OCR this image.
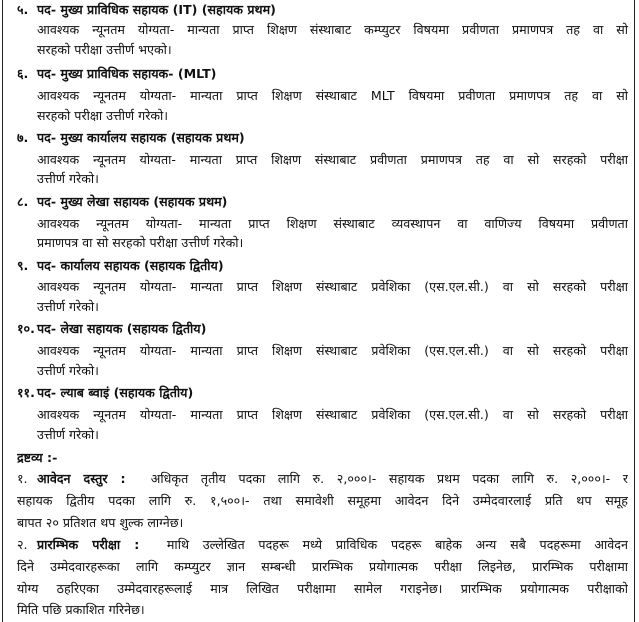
५. पद- मुख्य प्राविधिक सहायक (IT) (सहायक प्रथम)
आवश्यक न्यूनतम योग्यता- मान्यता प्राप्त शिक्षण संस्थाबाट कम्प्युटर विषयमा प्रवीणता प्रमाणपत्र तह वा सो
सरहको परीक्षा उत्तीर्ण भएको।
६. पद- मुख्य प्राविधिक सहायक- (MLT)
आवश्यक न्यूनतम योग्यता- मान्यता प्राप्त शिक्षण संस्थाबाट MLT विषयमा प्रवीणता प्रमाणपत्र तह वा सो
सरहको परीक्षा उत्तीर्ण गरेको।
७. पद- मुख्य कार्यालय सहायक (सहायक प्रथम)
आवश्यक न्यूनतम योग्यता- मान्यता प्राप्त शिक्षण संस्थाबाट प्रवीणता प्रमाणपत्र तह वा सो सरहको परीक्षा
उत्तीर्ण गरेको।
८. पद- मुख्य लेखा सहायक (सहायक प्रथम)
आवश्यक न्यूनतम योग्यता- मान्यता प्राप्त शिक्षण संस्थाबाट व्यवस्थापन वा वाणिज्य विषयमा प्रवीणता
प्रमाणपत्र वा सो सरहको परीक्षा उत्तीर्ण गरेको।
९. पद- कार्यालय सहायक (सहायक द्वितीय)
आवश्यक न्यूनतम योग्यता- मान्यता प्राप्त शिक्षण संस्थाबाट प्रवेशिका (एस.एल.सी.) वा सो सरहको परीक्षा
उत्तीर्ण गरेको।
१०. पद- लेखा सहायक (सहायक द्वितीय)
आवश्यक न्यूनतम योग्यता- मान्यता प्राप्त शिक्षण संस्थाबाट प्रवेशिका (एस.एल.सी.) वा सो सरहको परीक्षा
उत्तीर्ण गरेको।
११. पद- ल्याब ब्वाइं (सहायक द्वितीय)
आवश्यक न्यूनतम योग्यता- मान्यता प्राप्त शिक्षण संस्थाबाट प्रवेशिका (एस.एल.सी.) वा सो सरहको परीक्षा
उत्तीर्ण गरेको।
द्रष्टव्य :-
१. आवेदन दस्तुर : अधिकृत तृतीय पदका लागि रु. २,०००।- सहायक प्रथम पदका लागि रु. २,०००।- र
सहायक द्वितीय पदका लागि रु. १,५००।- तथा समावेशी समूहमा आवेदन दिने उम्मेदवारलाई प्रति थप समूह
बापत २० प्रतिशत थप शुल्क लाग्नेछ।
२. प्रारम्भिक परीक्षा : माथि उल्लेखित पदहरू मध्ये प्राविधिक पदहरू बाहेक अन्य सबै पदहरूमा आवेदन
दिने उम्मेदवारहरूका लागि कम्प्युटर ज्ञान सम्बन्धी प्रारम्भिक प्रयोगात्मक परीक्षा लिइनेछ, प्रारम्भिक परीक्षामा
योग्य ठहरिएका उम्मेदवारहरूलाई मात्र लिखित परीक्षामा सामेल गराइनेछ। प्रारम्भिक प्रयोगात्मक परीक्षाको
मिति पछि प्रकाशित गरिनेछ।
